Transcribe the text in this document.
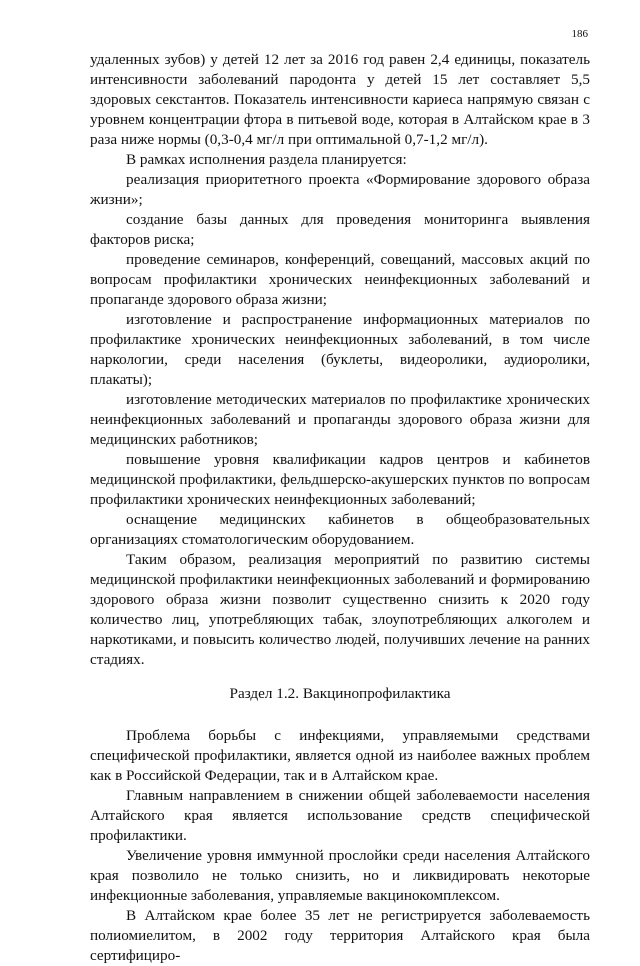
186

удаленных зубов) у детей 12 лет за 2016 год равен 2,4 единицы, показатель интенсивности заболеваний пародонта у детей 15 лет составляет 5,5 здоровых секстантов. Показатель интенсивности кариеса напрямую связан с уровнем концентрации фтора в питьевой воде, которая в Алтайском крае в 3 раза ниже нормы (0,3-0,4 мг/л при оптимальной 0,7-1,2 мг/л).

В рамках исполнения раздела планируется:

реализация приоритетного проекта «Формирование здорового образа жизни»;

создание базы данных для проведения мониторинга выявления факторов риска;

проведение семинаров, конференций, совещаний, массовых акций по вопросам профилактики хронических неинфекционных заболеваний и пропаганде здорового образа жизни;

изготовление и распространение информационных материалов по профилактике хронических неинфекционных заболеваний, в том числе наркологии, среди населения (буклеты, видеоролики, аудиоролики, плакаты);

изготовление методических материалов по профилактике хронических неинфекционных заболеваний и пропаганды здорового образа жизни для медицинских работников;

повышение уровня квалификации кадров центров и кабинетов медицинской профилактики, фельдшерско-акушерских пунктов по вопросам профилактики хронических неинфекционных заболеваний;

оснащение медицинских кабинетов в общеобразовательных организациях стоматологическим оборудованием.

Таким образом, реализация мероприятий по развитию системы медицинской профилактики неинфекционных заболеваний и формированию здорового образа жизни позволит существенно снизить к 2020 году количество лиц, употребляющих табак, злоупотребляющих алкоголем и наркотиками, и повысить количество людей, получивших лечение на ранних стадиях.

Раздел 1.2. Вакцинопрофилактика

Проблема борьбы с инфекциями, управляемыми средствами специфической профилактики, является одной из наиболее важных проблем как в Российской Федерации, так и в Алтайском крае.

Главным направлением в снижении общей заболеваемости населения Алтайского края является использование средств специфической профилактики.

Увеличение уровня иммунной прослойки среди населения Алтайского края позволило не только снизить, но и ликвидировать некоторые инфекционные заболевания, управляемые вакцинокомплексом.

В Алтайском крае более 35 лет не регистрируется заболеваемость полиомиелитом, в 2002 году территория Алтайского края была сертифициро-
